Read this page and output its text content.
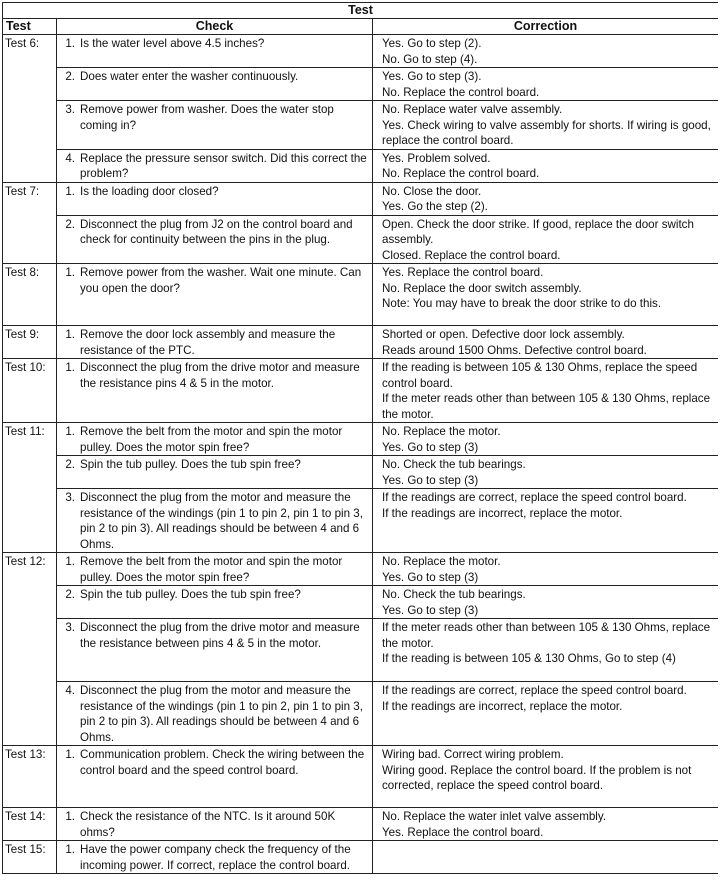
Test		
Test	Check	Correction
Test 6:	1. Is the water level above 4.5 inches?	Yes. Go to step (2).
No. Go to step (4).

	2. Does water enter the washer continuously.	Yes. Go to step (3).
No. Replace the control board.

	3. Remove power from washer. Does the water stop coming in?	No. Replace water valve assembly.
Yes. Check wiring to valve assembly for shorts. If wiring is good, replace the control board.

	4. Replace the pressure sensor switch. Did this correct the problem?	Yes. Problem solved.
No. Replace the control board.

Test 7:	1. Is the loading door closed?	No. Close the door.
Yes. Go the step (2).

	2. Disconnect the plug from J2 on the control board and check for continuity between the pins in the plug.	Open. Check the door strike. If good, replace the door switch assembly.
Closed. Replace the control board.

Test 8:	1. Remove power from the washer. Wait one minute. Can you open the door?	Yes. Replace the control board.
No. Replace the door switch assembly.
Note: You may have to break the door strike to do this.

Test 9:	1. Remove the door lock assembly and measure the resistance of the PTC.	Shorted or open. Defective door lock assembly.
Reads around 1500 Ohms. Defective control board.

Test 10:	1. Disconnect the plug from the drive motor and measure the resistance pins 4 & 5 in the motor.	If the reading is between 105 & 130 Ohms, replace the speed control board.
If the meter reads other than between 105 & 130 Ohms, replace the motor.

Test 11:	1. Remove the belt from the motor and spin the motor pulley. Does the motor spin free?	No. Replace the motor.
Yes. Go to step (3)

	2. Spin the tub pulley. Does the tub spin free?	No. Check the tub bearings.
Yes. Go to step (3)

	3. Disconnect the plug from the motor and measure the resistance of the windings (pin 1 to pin 2, pin 1 to pin 3, pin 2 to pin 3). All readings should be between 4 and 6 Ohms.	If the readings are correct, replace the speed control board.
If the readings are incorrect, replace the motor.

Test 12:	1. Remove the belt from the motor and spin the motor pulley. Does the motor spin free?	No. Replace the motor.
Yes. Go to step (3)

	2. Spin the tub pulley. Does the tub spin free?	No. Check the tub bearings.
Yes. Go to step (3)

	3. Disconnect the plug from the drive motor and measure the resistance between pins 4 & 5 in the motor.	If the meter reads other than between 105 & 130 Ohms, replace the motor.
If the reading is between 105 & 130 Ohms, Go to step (4)

	4. Disconnect the plug from the motor and measure the resistance of the windings (pin 1 to pin 2, pin 1 to pin 3, pin 2 to pin 3). All readings should be between 4 and 6 Ohms.	If the readings are correct, replace the speed control board.
If the readings are incorrect, replace the motor.

Test 13:	1. Communication problem. Check the wiring between the control board and the speed control board.	Wiring bad. Correct wiring problem.
Wiring good. Replace the control board. If the problem is not corrected, replace the speed control board.

Test 14:	1. Check the resistance of the NTC. Is it around 50K ohms?	No. Replace the water inlet valve assembly.
Yes. Replace the control board.

Test 15:	1. Have the power company check the frequency of the incoming power. If correct, replace the control board.	
